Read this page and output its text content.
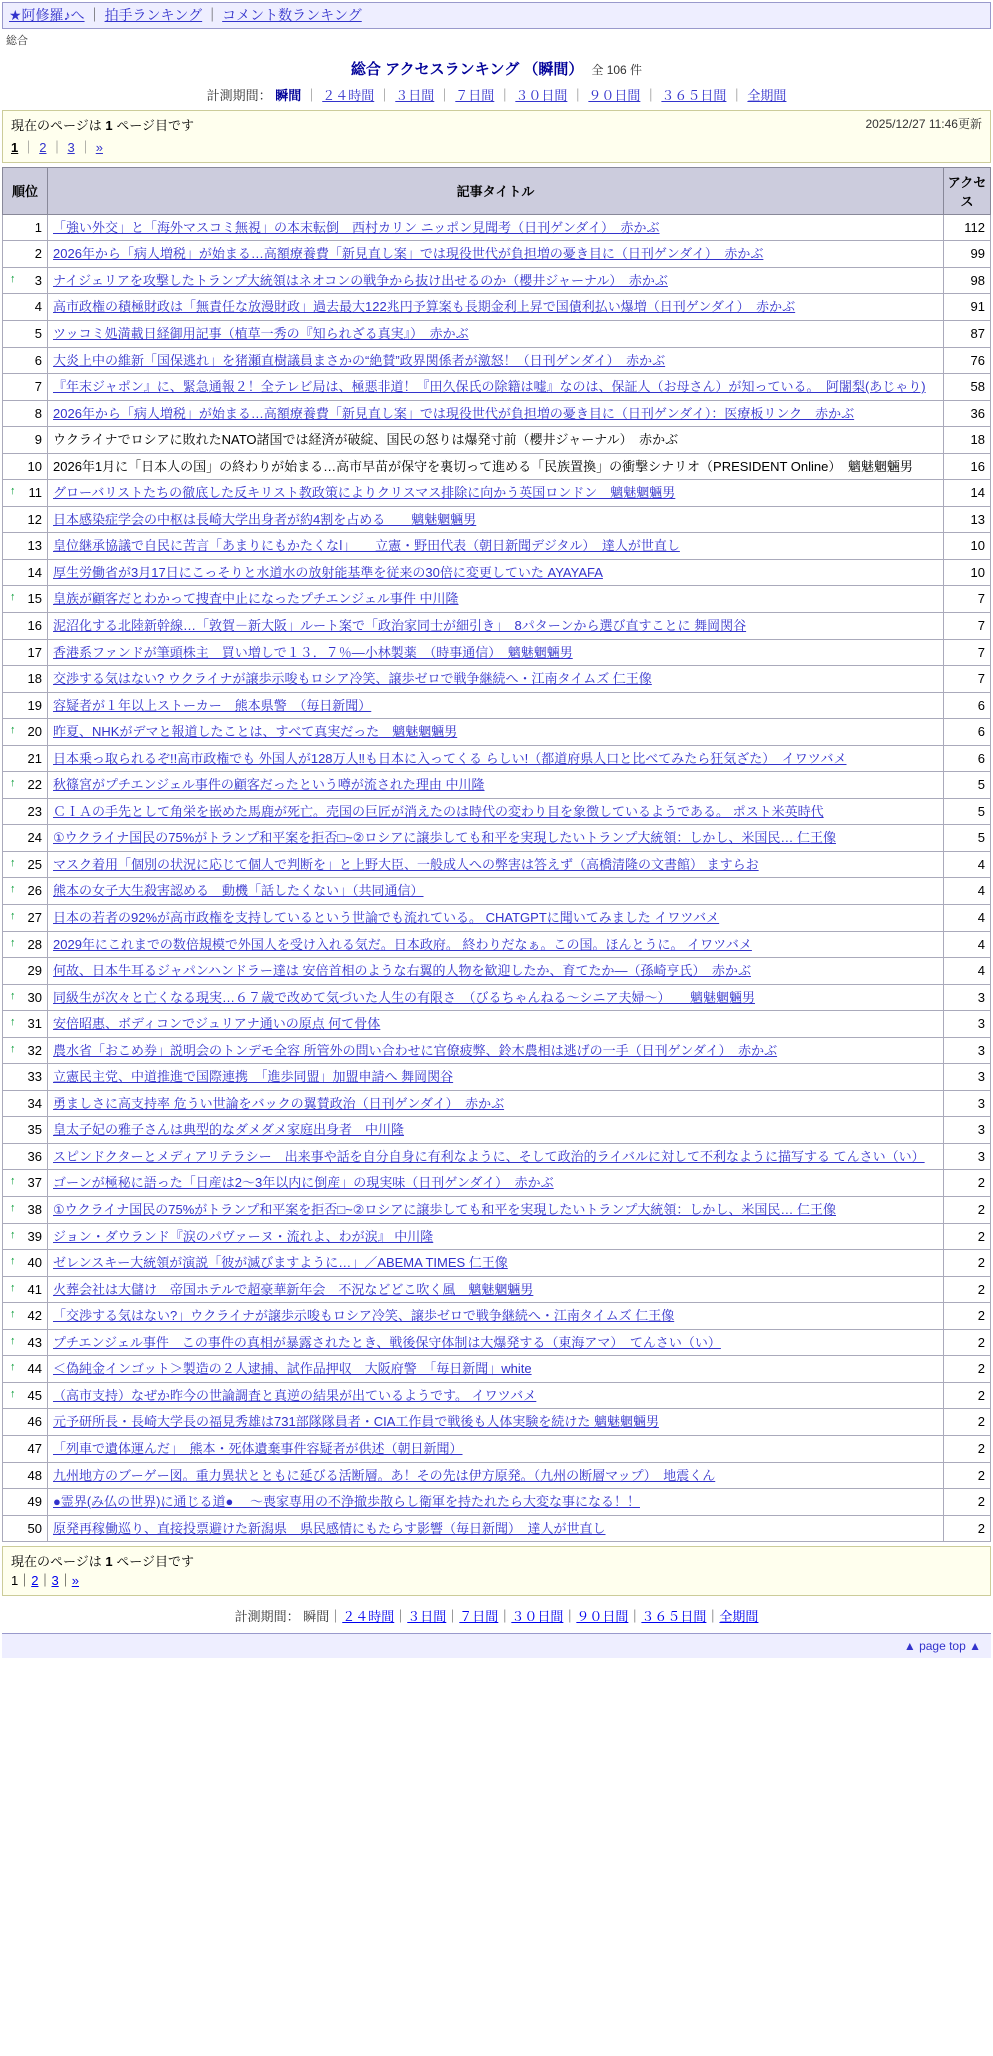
★阿修羅♪へ ｜ 拍手ランキング ｜ コメント数ランキング
総合
総合 アクセスランキング （瞬間） 全 106 件
計測期間： 瞬間 ｜ ２４時間 ｜ ３日間 ｜ ７日間 ｜ ３０日間 ｜ ９０日間 ｜ ３６５日間 ｜ 全期間
現在のページは 1 ページ目です	2025/12/27 11:46更新
1 ｜ 2 ｜ 3 ｜ »
順位	記事タイトル	アクセス
1	「強い外交」と「海外マスコミ無視」の本末転倒　西村カリン ニッポン見聞考（日刊ゲンダイ）　赤かぶ	112
2	2026年から「病人増税」が始まる…高額療養費「新見直し案」では現役世代が負担増の憂き目に（日刊ゲンダイ）　赤かぶ	99

↑ 3	ナイジェリアを攻撃したトランプ大統領はネオコンの戦争から抜け出せるのか（櫻井ジャーナル）　赤かぶ	98
4	高市政権の積極財政は「無責任な放漫財政」過去最大122兆円予算案も長期金利上昇で国債利払い爆増（日刊ゲンダイ）　赤かぶ	91
5	ツッコミ処満載日経御用記事（植草一秀の『知られざる真実』）　赤かぶ	87
6	大炎上中の維新「国保逃れ」を猪瀬直樹議員まさかの“絶賛”政界関係者が激怒！（日刊ゲンダイ）　赤かぶ	76
7	『年末ジャポン』に、緊急通報２！全テレビ局は、極悪非道！『田久保氏の除籍は嘘』なのは、保証人（お母さん）が知っている。　阿闍梨(あじゃり)	58
8	2026年から「病人増税」が始まる…高額療養費「新見直し案」では現役世代が負担増の憂き目に（日刊ゲンダイ）：医療板リンク　赤かぶ	36
9	ウクライナでロシアに敗れたNATO諸国では経済が破綻、国民の怒りは爆発寸前（櫻井ジャーナル）　赤かぶ	18
10	2026年1月に「日本人の国」の終わりが始まる…高市早苗が保守を裏切って進める「民族置換」の衝撃シナリオ（PRESIDENT Online）　魑魅魍魎男	16

↑ 11	グローバリストたちの徹底した反キリスト教政策によりクリスマス排除に向かう英国ロンドン　魑魅魍魎男	14
12	日本感染症学会の中枢は長崎大学出身者が約4割を占める　　魑魅魍魎男	13
13	皇位継承協議で自民に苦言「あまりにもかたくなا」　　立憲・野田代表（朝日新聞デジタル）　達人が世直し	10
14	厚生労働省が3月17日にこっそりと水道水の放射能基準を従来の30倍に変更していた AYAYAFA	10

↑ 15	皇族が顧客だとわかって捜査中止になったプチエンジェル事件 中川隆	7
16	泥沼化する北陸新幹線…「敦賀－新大阪」ルート案で「政治家同士が細引き」　8パターンから選び直すことに 舞岡関谷	7
17	香港系ファンドが筆頭株主　買い増しで１３．７％—小林製薬　（時事通信）　魑魅魍魎男	7
18	交渉する気はない? ウクライナが譲歩示唆もロシア冷笑、譲歩ゼロで戦争継続へ・江南タイムズ 仁王像	7
19	容疑者が１年以上ストーカー　熊本県警　（毎日新聞）	6

↑ 20	昨夏、NHKがデマと報道したことは、すべて真実だった　魑魅魍魎男	6
21	日本乗っ取られるぞ!!高市政権でも 外国人が128万人‼も日本に入ってくる らしい!（都道府県人口と比べてみたら狂気ざた）　イワツバメ	6

↑ 22	秋篠宮がプチエンジェル事件の顧客だったという噂が流された理由 中川隆	5
23	ＣＩＡの手先として角栄を嵌めた馬鹿が死亡。売国の巨匠が消えたのは時代の変わり目を象徴しているようである。 ポスト米英時代	5
24	①ウクライナ国民の75%がトランプ和平案を拒否□~②ロシアに譲歩しても和平を実現したいトランプ大統領：しかし、米国民… 仁王像	5

↑ 25	マスク着用「個別の状況に応じて個人で判断を」と上野大臣、一般成人への弊害は答えず（高橋清隆の文書館） ますらお	4

↑ 26	熊本の女子大生殺害認める　動機「話したくない」（共同通信）	4

↑ 27	日本の若者の92%が高市政権を支持しているという世論でも流れている。 CHATGPTに聞いてみました イワツバメ	4

↑ 28	2029年にこれまでの数倍規模で外国人を受け入れる気だ。日本政府。 終わりだなぁ。この国。ほんとうに。 イワツバメ	4
29	何故、日本牛耳るジャパンハンドラー達は 安倍首相のような右翼的人物を歓迎したか、育てたか—（孫崎亨氏）　赤かぶ	4

↑ 30	同級生が次々と亡くなる現実…６７歳で改めて気づいた人生の有限さ　（びるちゃんねる〜シニア夫婦〜）　　魑魅魍魎男	3

↑ 31	安倍昭惠、ボディコンでジュリアナ通いの原点 何て骨体	3

↑ 32	農水省「おこめ券」説明会のトンデモ全容 所管外の問い合わせに官僚疲弊、鈴木農相は逃げの一手（日刊ゲンダイ）　赤かぶ	3
33	立憲民主党、中道推進で国際連携　「進歩同盟」加盟申請へ 舞岡関谷	3
34	勇ましさに高支持率 危うい世論をバックの翼賛政治（日刊ゲンダイ）　赤かぶ	3
35	皇太子妃の雅子さんは典型的なダメダメ家庭出身者　中川隆	3
36	スピンドクターとメディアリテラシー　出来事や話を自分自身に有利なように、そして政治的ライバルに対して不利なように描写する てんさい（い）	3

↑ 37	ゴーンが極秘に語った「日産は2〜3年以内に倒産」の現実味（日刊ゲンダイ）　赤かぶ	2

↑ 38	①ウクライナ国民の75%がトランプ和平案を拒否□~②ロシアに譲歩しても和平を実現したいトランプ大統領：しかし、米国民… 仁王像	2

↑ 39	ジョン・ダウランド『涙のパヴァーヌ・流れよ、わが涙』 中川隆	2

↑ 40	ゼレンスキー大統領が演説「彼が滅びますように…」／ABEMA TIMES 仁王像	2

↑ 41	火葬会社は大儲け　帝国ホテルで超豪華新年会　不況などどこ吹く風　魑魅魍魎男	2

↑ 42	「交渉する気はない?」ウクライナが譲歩示唆もロシア冷笑、譲歩ゼロで戦争継続へ・江南タイムズ 仁王像	2

↑ 43	プチエンジェル事件　この事件の真相が暴露されたとき、戦後保守体制は大爆発する（東海アマ）　てんさい（い）	2

↑ 44	＜偽純金インゴット＞製造の２人逮捕、試作品押収　大阪府警　「毎日新聞」white	2

↑ 45	（高市支持）なぜか昨今の世論調査と真逆の結果が出ているようです。 イワツバメ	2
46	元予研所長・長崎大学長の福見秀雄は731部隊隊員者・CIA工作員で戦後も人体実験を続けた 魑魅魍魎男	2
47	「列車で遺体運んだ」　熊本・死体遺棄事件容疑者が供述（朝日新聞）	2
48	九州地方のブーゲー図。重力異状とともに延びる活断層。あ！その先は伊方原発。（九州の断層マップ）　地震くん	2
49	●霊界(み仏の世界)に通じる道● 　〜喪家専用の不浄撤歩散らし衛軍を持たれたら大変な事になる！！	2
50	原発再稼働巡り、直接投票避けた新潟県　県民感情にもたらす影響（毎日新聞）　達人が世直し	2
現在のページは 1 ページ目です
1｜2｜3｜»
計測期間： 瞬間｜２４時間｜３日間｜７日間｜３０日間｜９０日間｜３６５日間｜全期間
▲ page top ▲
